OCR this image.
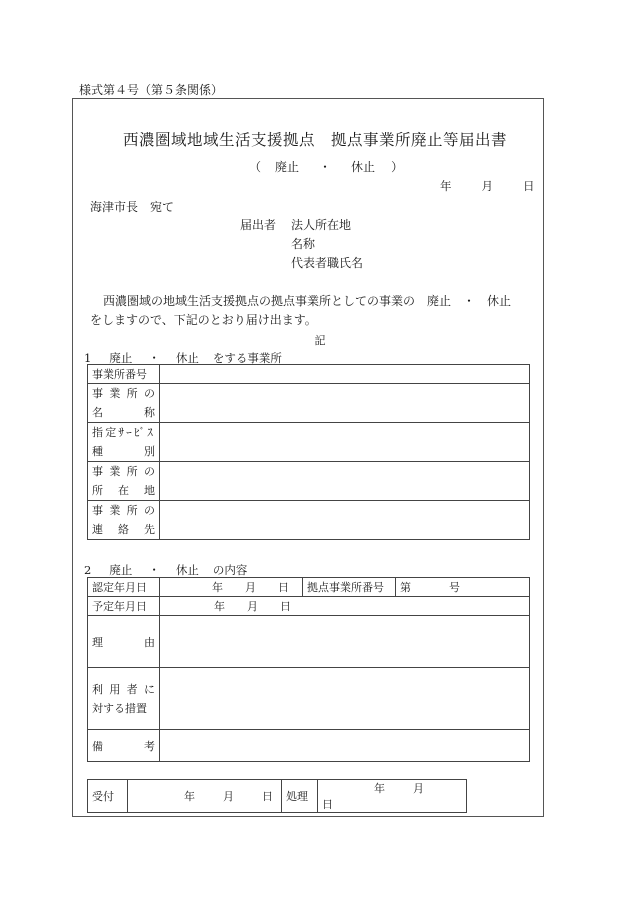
様式第４号（第５条関係）
西濃圏域地域生活支援拠点　拠点事業所廃止等届出書
（ 廃止 ・ 休止 ）
年	月	日
海津市長　宛て
届出者 法人所在地
名称
代表者職氏名
西濃圏域の地域生活支援拠点の拠点事業所としての事業の　廃止　・　休止
をしますので、下記のとおり届け出ます。
記
1 廃止 ・ 休止 をする事業所
事業所番号	

事業所の
名称	

指定ｻｰﾋﾞｽ
種別	

事業所の
所在地	

事業所の
連絡先	

2 廃止 ・ 休止 の内容
認定年月日	年 月 日	拠点事業所番号	第 号
予定年月日	年 月 日		

理由			

利用者に
対する措置			

備考			

受付	年	月	日	処理	年	月日
